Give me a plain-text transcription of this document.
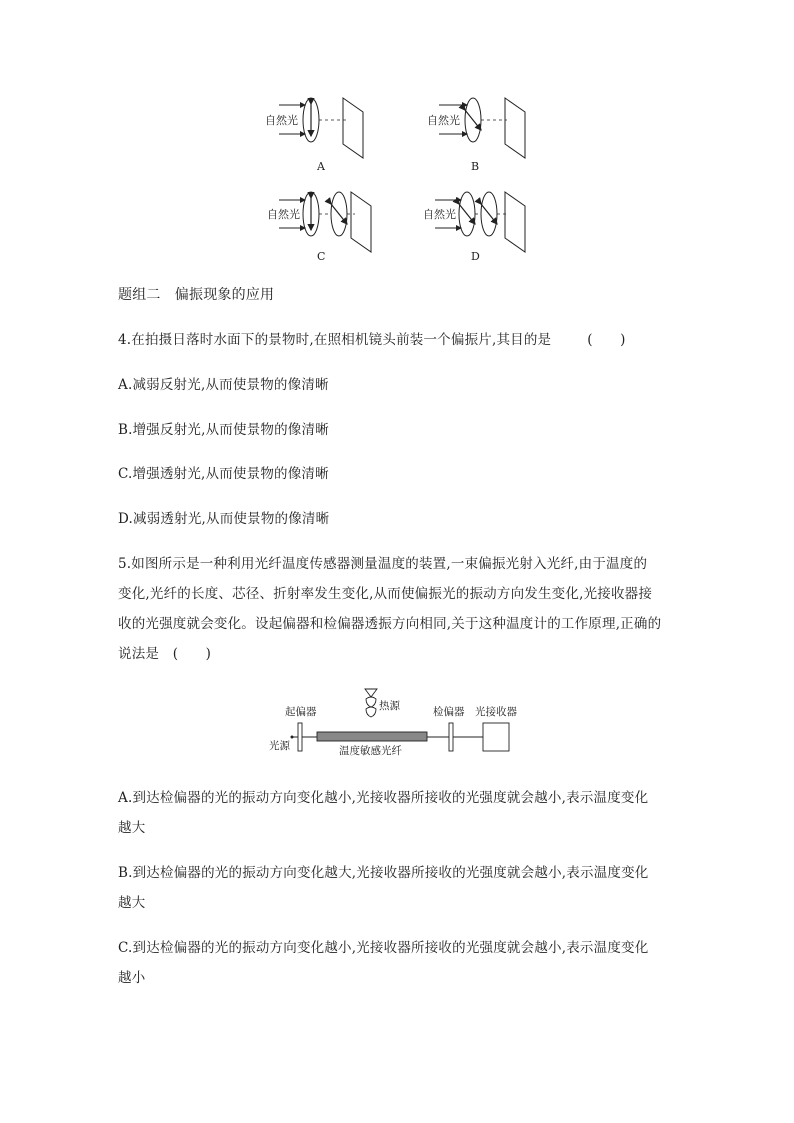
自然光
A
自然光
B
自然光
C
自然光
D
题组二　偏振现象的应用
4.在拍摄日落时水面下的景物时,在照相机镜头前装一个偏振片,其目的是	(　　)
A.减弱反射光,从而使景物的像清晰
B.增强反射光,从而使景物的像清晰
C.增强透射光,从而使景物的像清晰
D.减弱透射光,从而使景物的像清晰
5.如图所示是一种利用光纤温度传感器测量温度的装置,一束偏振光射入光纤,由于温度的
变化,光纤的长度、芯径、折射率发生变化,从而使偏振光的振动方向发生变化,光接收器接
收的光强度就会变化。设起偏器和检偏器透振方向相同,关于这种温度计的工作原理,正确的
说法是　(　　)
热源
起偏器	检偏器 光接收器
光源	温度敏感光纤
A.到达检偏器的光的振动方向变化越小,光接收器所接收的光强度就会越小,表示温度变化
越大
B.到达检偏器的光的振动方向变化越大,光接收器所接收的光强度就会越小,表示温度变化
越大
C.到达检偏器的光的振动方向变化越小,光接收器所接收的光强度就会越小,表示温度变化
越小
